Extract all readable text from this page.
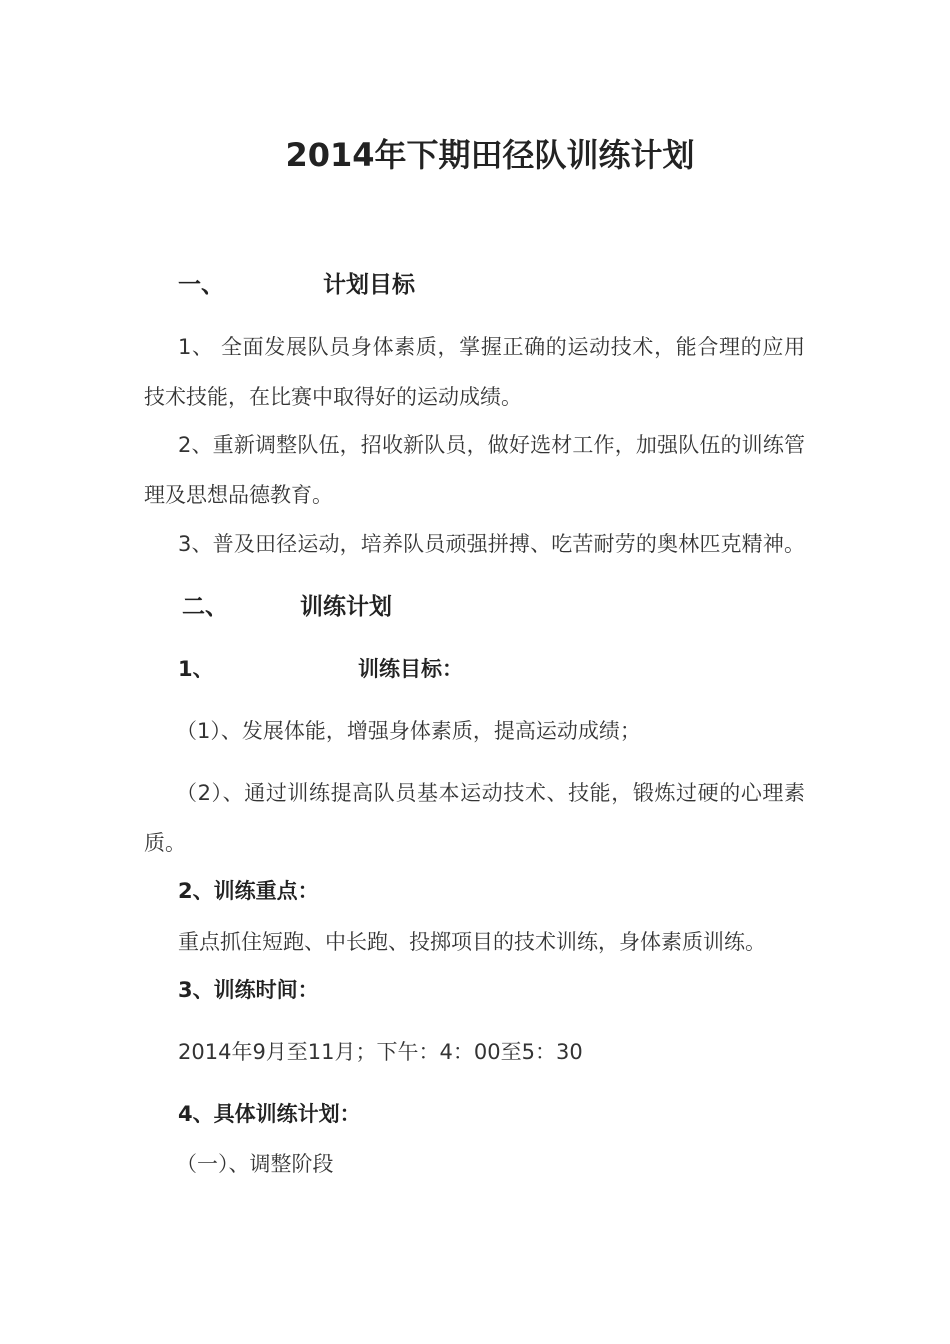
2014年下期田径队训练计划
一、	计划目标
1、 全面发展队员身体素质，掌握正确的运动技术，能合理的应用
技术技能，在比赛中取得好的运动成绩。
2、重新调整队伍，招收新队员，做好选材工作，加强队伍的训练管
理及思想品德教育。
3、普及田径运动，培养队员顽强拼搏、吃苦耐劳的奥林匹克精神。
二、	训练计划
1、	训练目标：
（1）、发展体能，增强身体素质，提高运动成绩；
（2）、通过训练提高队员基本运动技术、技能，锻炼过硬的心理素
质。
2、训练重点：
重点抓住短跑、中长跑、投掷项目的技术训练，身体素质训练。
3、训练时间：
2014年9月至11月；下午：4：00至5：30
4、具体训练计划：
（一）、调整阶段
